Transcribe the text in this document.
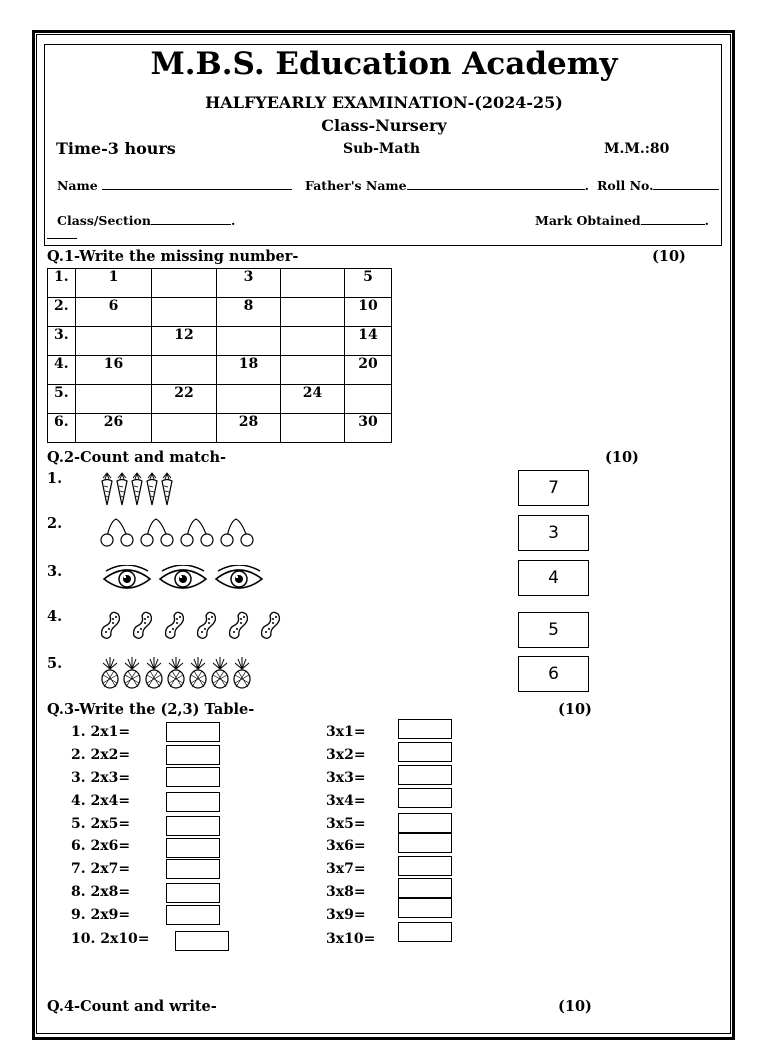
M.B.S. Education Academy
HALFYEARLY EXAMINATION-(2024-25)
Class-Nursery
Time-3 hours	Sub-Math	M.M.:80
Name	Father's Name	. Roll No.
Class/Section	.	Mark Obtained	.
Q.1-Write the missing number-	(10)
1.	1		3		5
2.	6		8		10
3.		12			14
4.	16		18		20
5.		22		24	
6.	26		28		30
Q.2-Count and match-	(10)
1.
2.
3.
4.
5.
7
3
4
5
6
Q.3-Write the (2,3) Table-	(10)
1. 2x1=	3x1=
2. 2x2=	3x2=
3. 2x3=	3x3=
4. 2x4=	3x4=
5. 2x5=	3x5=
6. 2x6=	3x6=
7. 2x7=	3x7=
8. 2x8=	3x8=
9. 2x9=	3x9=
10. 2x10=	3x10=
Q.4-Count and write-	(10)
